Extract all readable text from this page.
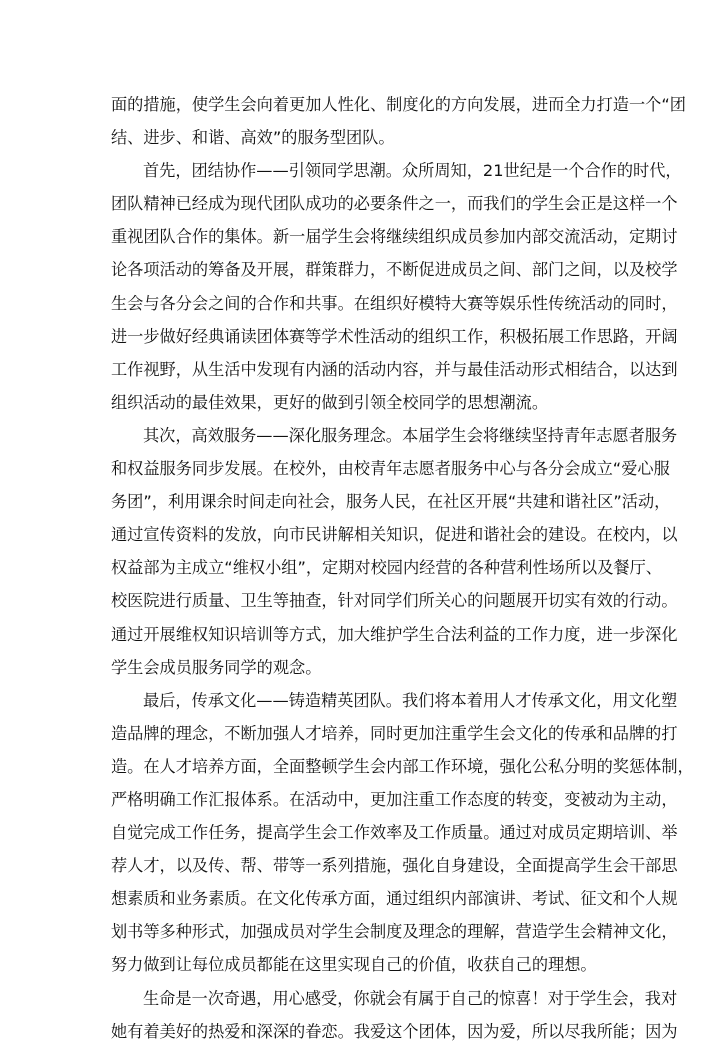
面的措施，使学生会向着更加人性化、制度化的方向发展，进而全力打造一个“团
结、进步、和谐、高效”的服务型团队。
首先，团结协作——引领同学思潮。众所周知，21世纪是一个合作的时代，
团队精神已经成为现代团队成功的必要条件之一，而我们的学生会正是这样一个
重视团队合作的集体。新一届学生会将继续组织成员参加内部交流活动，定期讨
论各项活动的筹备及开展，群策群力，不断促进成员之间、部门之间，以及校学
生会与各分会之间的合作和共事。在组织好模特大赛等娱乐性传统活动的同时，
进一步做好经典诵读团体赛等学术性活动的组织工作，积极拓展工作思路，开阔
工作视野，从生活中发现有内涵的活动内容，并与最佳活动形式相结合，以达到
组织活动的最佳效果，更好的做到引领全校同学的思想潮流。
其次，高效服务——深化服务理念。本届学生会将继续坚持青年志愿者服务
和权益服务同步发展。在校外，由校青年志愿者服务中心与各分会成立“爱心服
务团”，利用课余时间走向社会，服务人民，在社区开展“共建和谐社区”活动，
通过宣传资料的发放，向市民讲解相关知识，促进和谐社会的建设。在校内，以
权益部为主成立“维权小组”，定期对校园内经营的各种营利性场所以及餐厅、
校医院进行质量、卫生等抽查，针对同学们所关心的问题展开切实有效的行动。
通过开展维权知识培训等方式，加大维护学生合法利益的工作力度，进一步深化
学生会成员服务同学的观念。
最后，传承文化——铸造精英团队。我们将本着用人才传承文化，用文化塑
造品牌的理念，不断加强人才培养，同时更加注重学生会文化的传承和品牌的打
造。在人才培养方面，全面整顿学生会内部工作环境，强化公私分明的奖惩体制，
严格明确工作汇报体系。在活动中，更加注重工作态度的转变，变被动为主动，
自觉完成工作任务，提高学生会工作效率及工作质量。通过对成员定期培训、举
荐人才，以及传、帮、带等一系列措施，强化自身建设，全面提高学生会干部思
想素质和业务素质。在文化传承方面，通过组织内部演讲、考试、征文和个人规
划书等多种形式，加强成员对学生会制度及理念的理解，营造学生会精神文化，
努力做到让每位成员都能在这里实现自己的价值，收获自己的理想。
生命是一次奇遇，用心感受，你就会有属于自己的惊喜！对于学生会，我对
她有着美好的热爱和深深的眷恋。我爱这个团体，因为爱，所以尽我所能；因为
